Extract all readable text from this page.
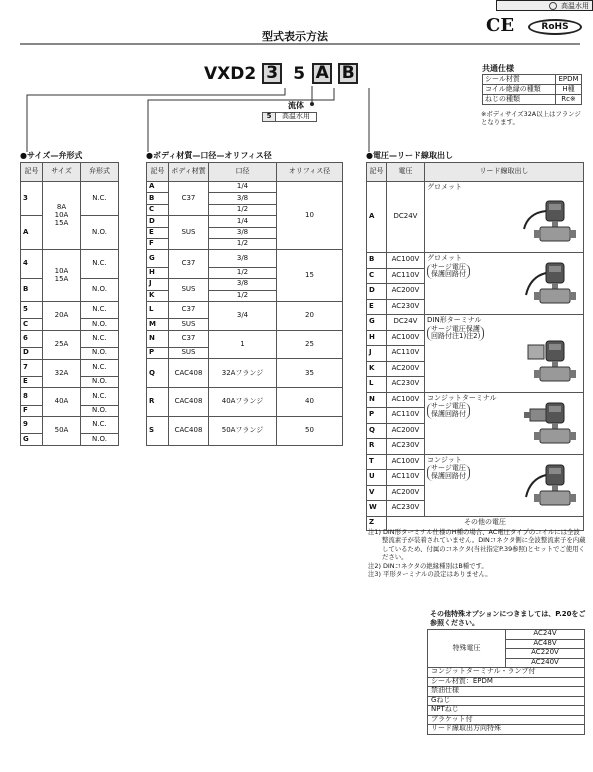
高温水用
型式表示方法
CE	RoHS
VXD2 3 5 A B
流体
5	高温水用
共通仕様
シール材質	EPDM
コイル絶縁の種類	H種
ねじの種類	Rc※
※ボディサイズ32A以上はフランジとなります。
●サイズ—弁形式
記号	サイズ	弁形式
3	8A
10A
15A	N.C.
A		N.O.
4	10A
15A	N.C.
B		N.O.
5	20A	N.C.
C		N.O.
6	25A	N.C.
D		N.O.
7	32A	N.C.
E		N.O.
8	40A	N.C.
F		N.O.
9	50A	N.C.
G		N.O.
●ボディ材質—口径—オリフィス径
記号	ボディ材質	口径	オリフィス径
A	C37	1/4	10
B		3/8	
C		1/2	
D	SUS	1/4	
E		3/8	
F		1/2	
G	C37	3/8	15
H		1/2	
J	SUS	3/8	
K		1/2	
L	C37	3/4	20
M	SUS		
N	C37	1	25
P	SUS		
Q	CAC408	32Aフランジ	35
R	CAC408	40Aフランジ	40
S	CAC408	50Aフランジ	50
●電圧—リード線取出し
記号	電圧	リード線取出し
A	DC24V	グロメット

B	AC100V	グロメット
サージ電圧
保護回路付

C	AC110V	
D	AC200V	
E	AC230V	
G	DC24V	DIN形ターミナル
サージ電圧保護
回路付注1)注2)

H	AC100V	
J	AC110V	
K	AC200V	
L	AC230V	
N	AC100V	コンジットターミナル
サージ電圧
保護回路付

P	AC110V	
Q	AC200V	
R	AC230V	
T	AC100V	コンジット
サージ電圧
保護回路付

U	AC110V	
V	AC200V	
W	AC230V	
Z	その他の電圧	
注1) DIN形ターミナル仕様のH種の場合、AC電圧タイプのコイルには全波整流素子が装着されていません。DINコネクタ側に全波整流素子を内蔵しているため、付属のコネクタ(当社指定P.39参照)とセットでご使用ください。
注2) DINコネクタの絶縁種別はB種です。
注3) 平形ターミナルの設定はありません。
その他特殊オプションにつきましては、P.20をご参照ください。
特殊電圧	AC24V
AC48V
AC220V
AC240V
コンジットターミナル・ランプ付
シール材質：EPDM
禁油仕様
Gねじ
NPTねじ
ブラケット付
リード線取出方向特殊
